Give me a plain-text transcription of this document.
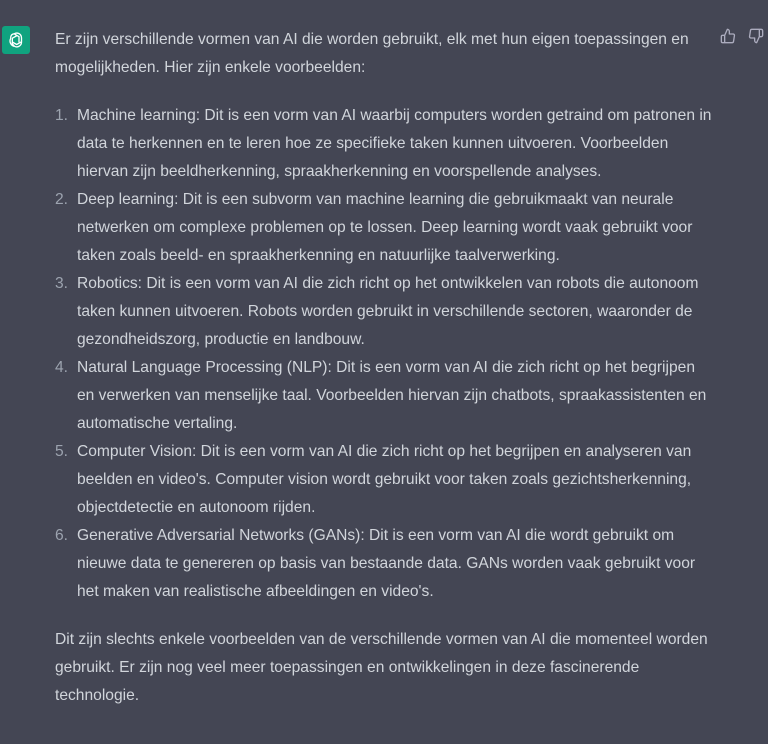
Er zijn verschillende vormen van AI die worden gebruikt, elk met hun eigen toepassingen en mogelijkheden. Hier zijn enkele voorbeelden:

1. Machine learning: Dit is een vorm van AI waarbij computers worden getraind om patronen in data te herkennen en te leren hoe ze specifieke taken kunnen uitvoeren. Voorbeelden hiervan zijn beeldherkenning, spraakherkenning en voorspellende analyses.
2. Deep learning: Dit is een subvorm van machine learning die gebruikmaakt van neurale netwerken om complexe problemen op te lossen. Deep learning wordt vaak gebruikt voor taken zoals beeld- en spraakherkenning en natuurlijke taalverwerking.
3. Robotics: Dit is een vorm van AI die zich richt op het ontwikkelen van robots die autonoom taken kunnen uitvoeren. Robots worden gebruikt in verschillende sectoren, waaronder de gezondheidszorg, productie en landbouw.
4. Natural Language Processing (NLP): Dit is een vorm van AI die zich richt op het begrijpen en verwerken van menselijke taal. Voorbeelden hiervan zijn chatbots, spraakassistenten en automatische vertaling.
5. Computer Vision: Dit is een vorm van AI die zich richt op het begrijpen en analyseren van beelden en video's. Computer vision wordt gebruikt voor taken zoals gezichtsherkenning, objectdetectie en autonoom rijden.
6. Generative Adversarial Networks (GANs): Dit is een vorm van AI die wordt gebruikt om nieuwe data te genereren op basis van bestaande data. GANs worden vaak gebruikt voor het maken van realistische afbeeldingen en video's.

Dit zijn slechts enkele voorbeelden van de verschillende vormen van AI die momenteel worden gebruikt. Er zijn nog veel meer toepassingen en ontwikkelingen in deze fascinerende technologie.
